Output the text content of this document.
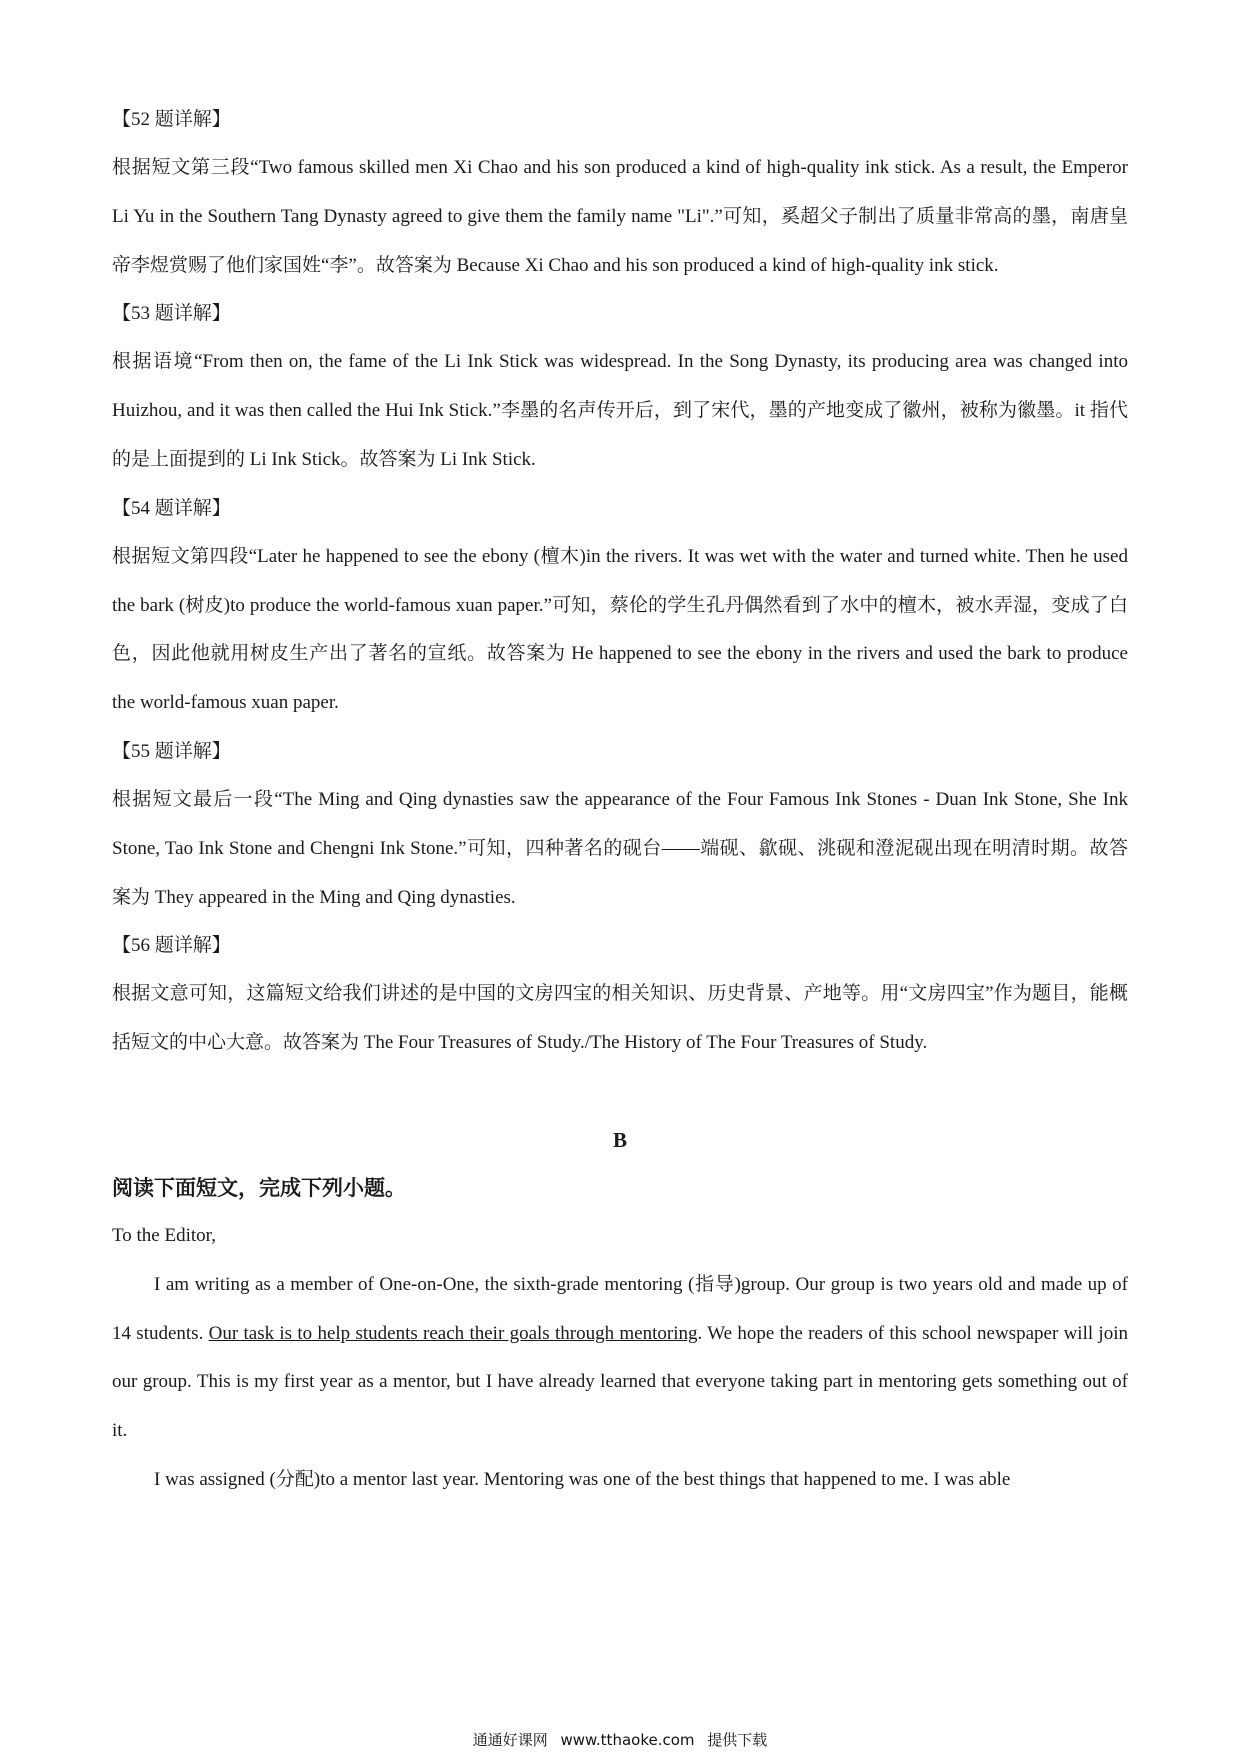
【52 题详解】

根据短文第三段“Two famous skilled men Xi Chao and his son produced a kind of high-quality ink stick. As a result, the Emperor Li Yu in the Southern Tang Dynasty agreed to give them the family name "Li".”可知，奚超父子制出了质量非常高的墨，南唐皇帝李煜赏赐了他们家国姓“李”。故答案为 Because Xi Chao and his son produced a kind of high-quality ink stick.

【53 题详解】

根据语境“From then on, the fame of the Li Ink Stick was widespread. In the Song Dynasty, its producing area was changed into Huizhou, and it was then called the Hui Ink Stick.”李墨的名声传开后，到了宋代，墨的产地变成了徽州，被称为徽墨。it 指代的是上面提到的 Li Ink Stick。故答案为 Li Ink Stick.

【54 题详解】

根据短文第四段“Later he happened to see the ebony (檀木)in the rivers. It was wet with the water and turned white. Then he used the bark (树皮)to produce the world-famous xuan paper.”可知，蔡伦的学生孔丹偶然看到了水中的檀木，被水弄湿，变成了白色，因此他就用树皮生产出了著名的宣纸。故答案为 He happened to see the ebony in the rivers and used the bark to produce the world-famous xuan paper.

【55 题详解】

根据短文最后一段“The Ming and Qing dynasties saw the appearance of the Four Famous Ink Stones - Duan Ink Stone, She Ink Stone, Tao Ink Stone and Chengni Ink Stone.”可知，四种著名的砚台——端砚、歙砚、洮砚和澄泥砚出现在明清时期。故答案为 They appeared in the Ming and Qing dynasties.

【56 题详解】

根据文意可知，这篇短文给我们讲述的是中国的文房四宝的相关知识、历史背景、产地等。用“文房四宝”作为题目，能概括短文的中心大意。故答案为 The Four Treasures of Study./The History of The Four Treasures of Study.

B

阅读下面短文，完成下列小题。

To the Editor,

I am writing as a member of One-on-One, the sixth-grade mentoring (指导)group. Our group is two years old and made up of 14 students. Our task is to help students reach their goals through mentoring. We hope the readers of this school newspaper will join our group. This is my first year as a mentor, but I have already learned that everyone taking part in mentoring gets something out of it.

I was assigned (分配)to a mentor last year. Mentoring was one of the best things that happened to me. I was able

通通好课网 www.tthaoke.com 提供下载
